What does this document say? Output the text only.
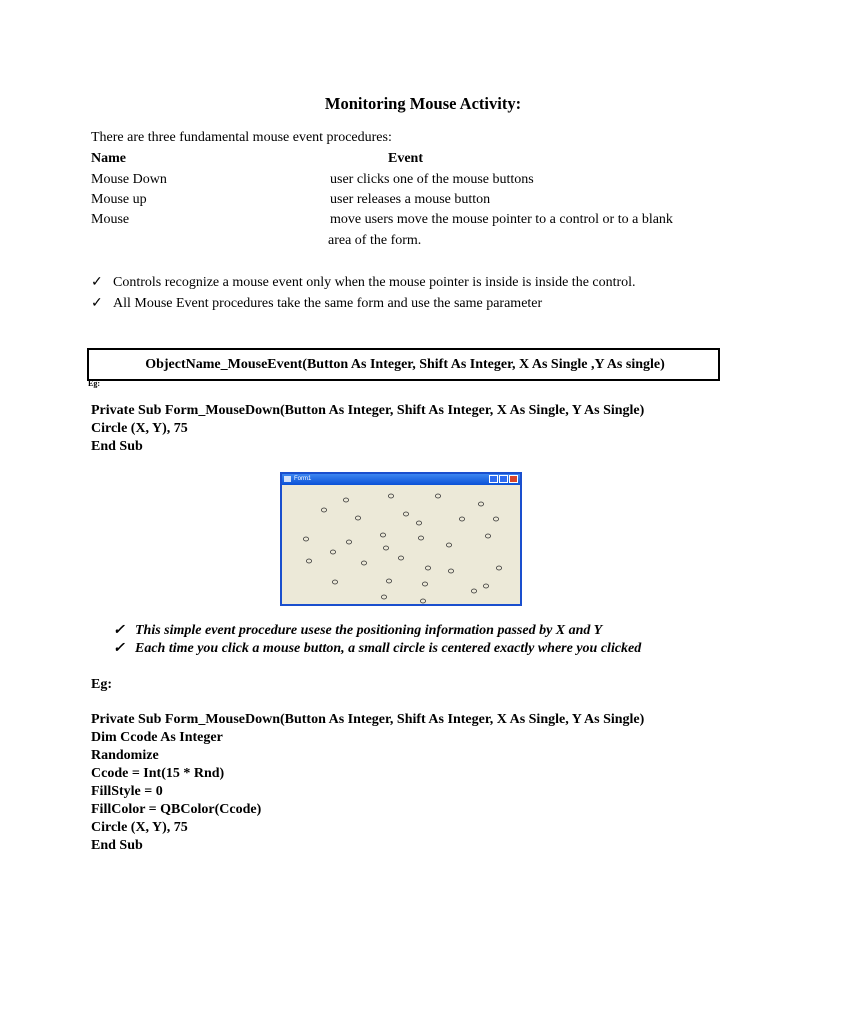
Monitoring Mouse Activity:
There are three fundamental mouse event procedures:
Name	Event
Mouse Down	user clicks one of the mouse buttons
Mouse up	user releases a mouse button
Mouse	move users move the mouse pointer to a control or to a blank
area of the form.
✓ Controls recognize a mouse event only when the mouse pointer is inside is inside the control.
✓ All Mouse Event procedures take the same form and use the same parameter
ObjectName_MouseEvent(Button As Integer, Shift As Integer, X As Single ,Y As single)
Eg:
Private Sub Form_MouseDown(Button As Integer, Shift As Integer, X As Single, Y As Single)
Circle (X, Y), 75
End Sub
Form1
✓ This simple event procedure usese the positioning information passed by X and Y
✓ Each time you click a mouse button, a small circle is centered exactly where you clicked
Eg:
Private Sub Form_MouseDown(Button As Integer, Shift As Integer, X As Single, Y As Single)
Dim Ccode As Integer
Randomize
Ccode = Int(15 * Rnd)
FillStyle = 0
FillColor = QBColor(Ccode)
Circle (X, Y), 75
End Sub
